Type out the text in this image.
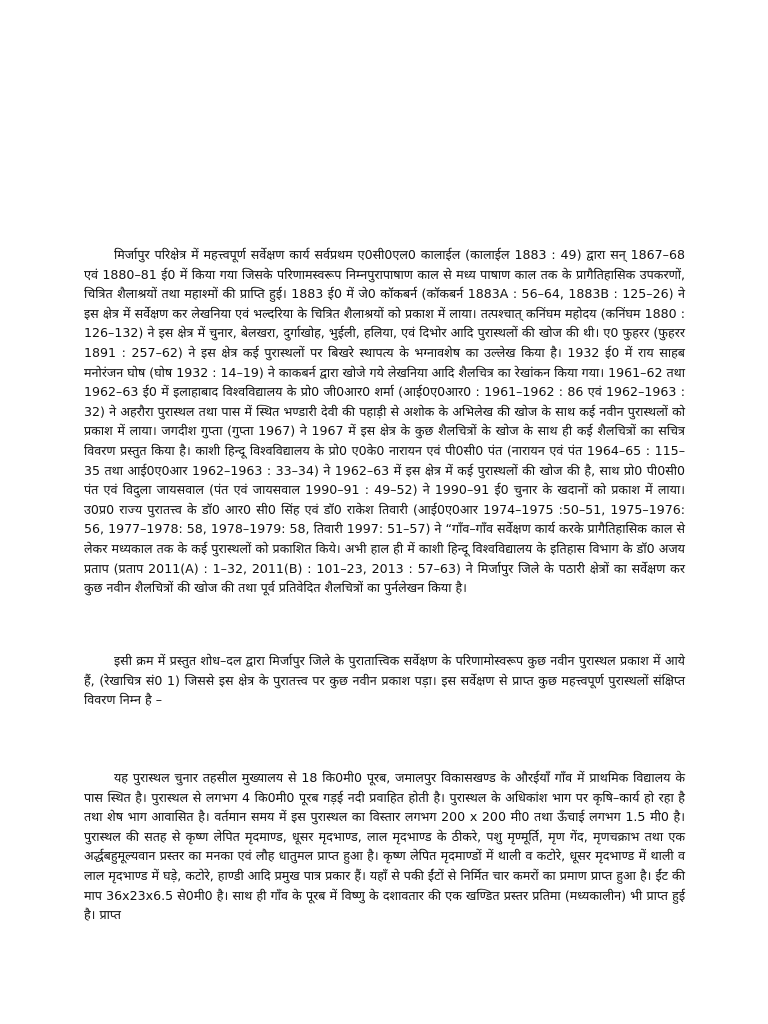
मिर्जापुर परिक्षेत्र में महत्त्वपूर्ण सर्वेक्षण कार्य सर्वप्रथम ए0सी0एल0 कालाईल (कालाईल 1883 : 49) द्वारा सन् 1867–68 एवं 1880–81 ई0 में किया गया जिसके परिणामस्वरूप निम्नपुरापाषाण काल से मध्य पाषाण काल तक के प्रागैतिहासिक उपकरणों, चित्रित शैलाश्रयों तथा महाश्मों की प्राप्ति हुई। 1883 ई0 में जे0 कॉकबर्न (कॉकबर्न 1883A : 56–64, 1883B : 125–26) ने इस क्षेत्र में सर्वेक्षण कर लेखनिया एवं भल्दरिया के चित्रित शैलाश्रयों को प्रकाश में लाया। तत्पश्चात् कनिंघम महोदय (कनिंघम 1880 : 126–132) ने इस क्षेत्र में चुनार, बेलखरा, दुर्गाखोह, भुईली, हलिया, एवं दिभोर आदि पुरास्थलों की खोज की थी। ए0 फुहरर (फुहरर 1891 : 257–62) ने इस क्षेत्र कई पुरास्थलों पर बिखरे स्थापत्य के भग्नावशेष का उल्लेख किया है। 1932 ई0 में राय साहब मनोरंजन घोष (घोष 1932 : 14–19) ने काकबर्न द्वारा खोजे गये लेखनिया आदि शैलचित्र का रेखांकन किया गया। 1961–62 तथा 1962–63 ई0 में इलाहाबाद विश्वविद्यालय के प्रो0 जी0आर0 शर्मा (आई0ए0आर0 : 1961–1962 : 86 एवं 1962–1963 : 32) ने अहरौरा पुरास्थल तथा पास में स्थित भण्डारी देवी की पहाड़ी से अशोक के अभिलेख की खोज के साथ कई नवीन पुरास्थलों को प्रकाश में लाया। जगदीश गुप्ता (गुप्ता 1967) ने 1967 में इस क्षेत्र के कुछ शैलचित्रों के खोज के साथ ही कई शैलचित्रों का सचित्र विवरण प्रस्तुत किया है। काशी हिन्दू विश्वविद्यालय के प्रो0 ए0के0 नारायन एवं पी0सी0 पंत (नारायन एवं पंत 1964–65 : 115–35 तथा आई0ए0आर 1962–1963 : 33–34) ने 1962–63 में इस क्षेत्र में कई पुरास्थलों की खोज की है, साथ प्रो0 पी0सी0 पंत एवं विदुला जायसवाल (पंत एवं जायसवाल 1990–91 : 49–52) ने 1990–91 ई0 चुनार के खदानों को प्रकाश में लाया। उ0प्र0 राज्य पुरातत्त्व के डॉ0 आर0 सी0 सिंह एवं डॉ0 राकेश तिवारी (आई0ए0आर 1974–1975 :50–51, 1975–1976: 56, 1977–1978: 58, 1978–1979: 58, तिवारी 1997: 51–57) ने “गाँव–गाँव सर्वेक्षण कार्य करके प्रागैतिहासिक काल से लेकर मध्यकाल तक के कई पुरास्थलों को प्रकाशित किये। अभी हाल ही में काशी हिन्दू विश्वविद्यालय के इतिहास विभाग के डॉ0 अजय प्रताप (प्रताप 2011(A) : 1–32, 2011(B) : 101–23, 2013 : 57–63) ने मिर्जापुर जिले के पठारी क्षेत्रों का सर्वेक्षण कर कुछ नवीन शैलचित्रों की खोज की तथा पूर्व प्रतिवेदित शैलचित्रों का पुर्नलेखन किया है।

इसी क्रम में प्रस्तुत शोध–दल द्वारा मिर्जापुर जिले के पुरातात्त्विक सर्वेक्षण के परिणामोस्वरूप कुछ नवीन पुरास्थल प्रकाश में आये हैं, (रेखाचित्र सं0 1) जिससे इस क्षेत्र के पुरातत्त्व पर कुछ नवीन प्रकाश पड़ा। इस सर्वेक्षण से प्राप्त कुछ महत्त्वपूर्ण पुरास्थलों संक्षिप्त विवरण निम्न है –

यह पुरास्थल चुनार तहसील मुख्यालय से 18 कि0मी0 पूरब, जमालपुर विकासखण्ड के औरईयाँ गाँव में प्राथमिक विद्यालय के पास स्थित है। पुरास्थल से लगभग 4 कि0मी0 पूरब गड़ई नदी प्रवाहित होती है। पुरास्थल के अधिकांश भाग पर कृषि–कार्य हो रहा है तथा शेष भाग आवासित है। वर्तमान समय में इस पुरास्थल का विस्तार लगभग 200 x 200 मी0 तथा ऊँचाई लगभग 1.5 मी0 है। पुरास्थल की सतह से कृष्ण लेपित मृदमाण्ड, धूसर मृदभाण्ड, लाल मृदभाण्ड के ठीकरे, पशु मृण्मूर्ति, मृण गेंद, मृणचक्राभ तथा एक अर्द्धबहुमूल्यवान प्रस्तर का मनका एवं लौह धातुमल प्राप्त हुआ है। कृष्ण लेपित मृदमाण्डों में थाली व कटोरे, धूसर मृदभाण्ड में थाली व लाल मृदभाण्ड में घड़े, कटोरे, हाण्डी आदि प्रमुख पात्र प्रकार हैं। यहाँ से पकी ईंटों से निर्मित चार कमरों का प्रमाण प्राप्त हुआ है। ईंट की माप 36x23x6.5 से0मी0 है। साथ ही गाँव के पूरब में विष्णु के दशावतार की एक खण्डित प्रस्तर प्रतिमा (मध्यकालीन) भी प्राप्त हुई है। प्राप्त
